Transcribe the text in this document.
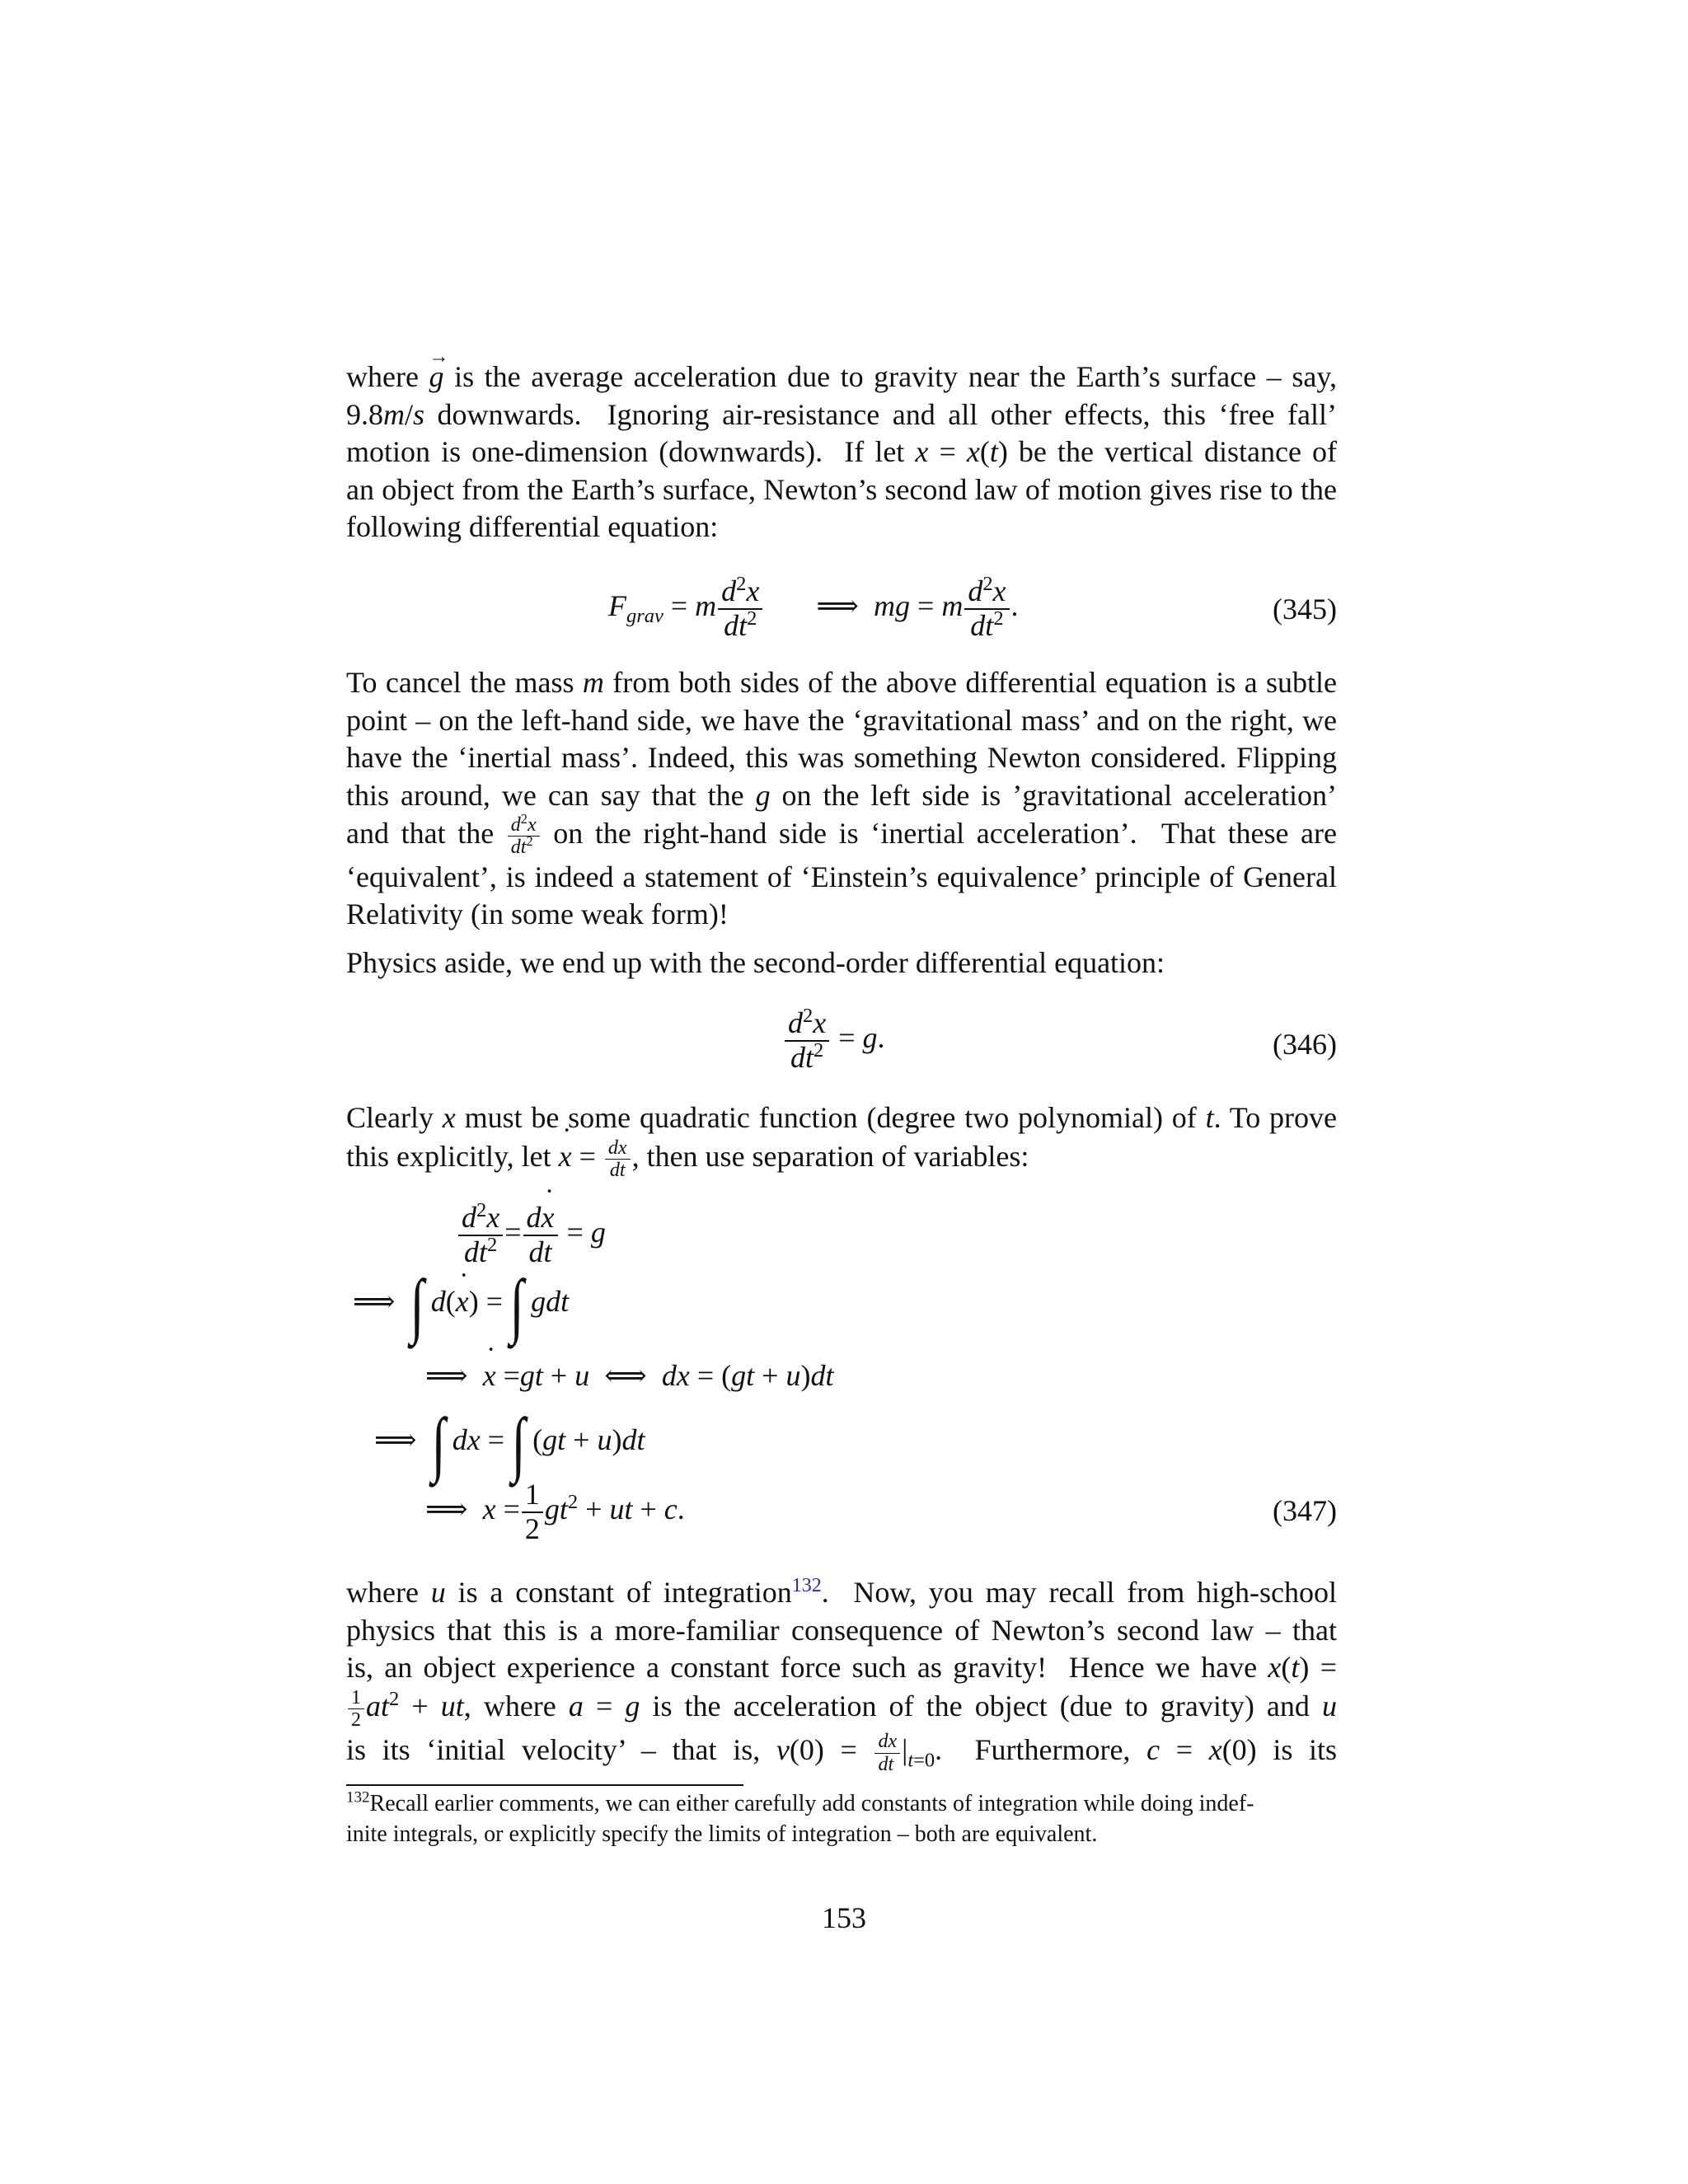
where → g is the average acceleration due to gravity near the Earth’s surface – say,
9.8m/s downwards.  Ignoring air-resistance and all other effects, this ‘free fall’
motion is one-dimension (downwards).  If let x = x(t) be the vertical distance of
an object from the Earth’s surface, Newton’s second law of motion gives rise to the
following differential equation:
$F_{grav} = m \frac{d^2x}{dt^2}$ ⟹  mg = m $\frac{d^2x}{dt^2}$ .	(345)
To cancel the mass m from both sides of the above differential equation is a subtle
point – on the left-hand side, we have the ‘gravitational mass’ and on the right, we
have the ‘inertial mass’. Indeed, this was something Newton considered. Flipping
this around, we can say that the g on the left side is ’gravitational acceleration’
and that the $\frac{d^2x}{dt^2}$ on the right-hand side is ‘inertial acceleration’.  That these are
‘equivalent’, is indeed a statement of ‘Einstein’s equivalence’ principle of General
Relativity (in some weak form)!
Physics aside, we end up with the second-order differential equation:
$\frac{d^2x}{dt^2} = g$.	(346)
Clearly x must be some quadratic function (degree two polynomial) of t. To prove
this explicitly, let ˙ $x = \frac{dx}{dt}$ , then use separation of variables:
$\frac{d^2x}{dt^2} = \frac{d˙ x}{dt} = g$
⟹  ∫ d(˙ x) = ∫ gdt
⟹  ˙ x =gt + u  ⟺  dx = (gt + u)dt
⟹  ∫ dx = ∫ (gt + u)dt
⟹  $x = \frac{1}{2} gt^2$ + ut + c.	(347)
where u is a constant of integration$^{132}$.  Now, you may recall from high-school
physics that this is a more-familiar consequence of Newton’s second law – that
is, an object experience a constant force such as gravity!  Hence we have x(t) =
$\frac{1}{2} at^2$ + ut, where a = g is the acceleration of the object (due to gravity) and u
is its ‘initial velocity’ – that is, $v(0) = \frac{dx}{dt} |_{t=0}$.  Furthermore, c = x(0) is its
$^{132}$Recall earlier comments, we can either carefully add constants of integration while doing indef-
inite integrals, or explicitly specify the limits of integration – both are equivalent.
153
